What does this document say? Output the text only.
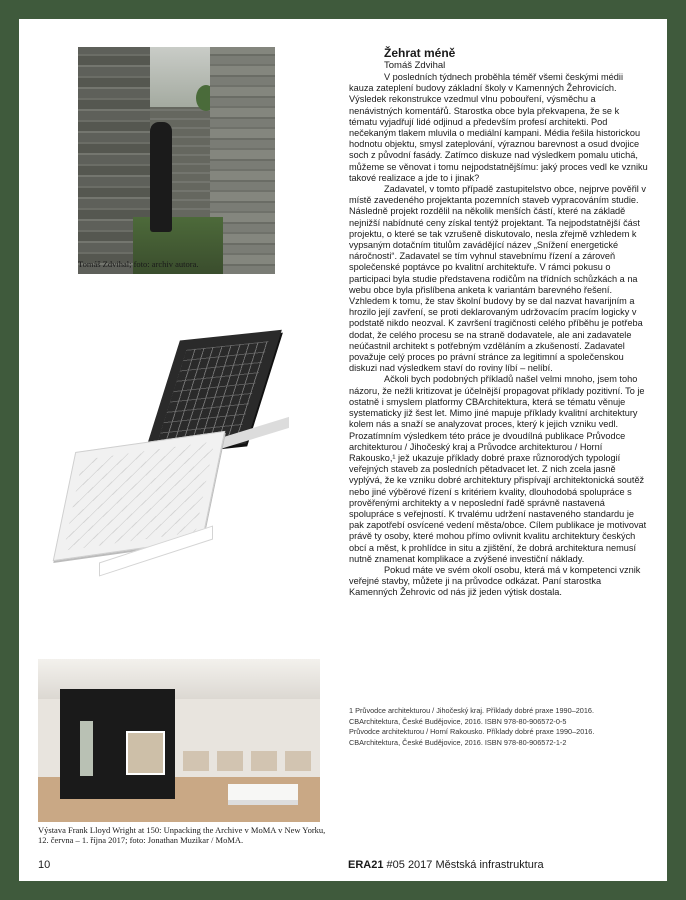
Tomáš Zdvihal; foto: archiv autora.
Výstava Frank Lloyd Wright at 150: Unpacking the Archive v MoMA v New Yorku, 12. června – 1. října 2017; foto: Jonathan Muzikar / MoMA.
Žehrat méně
Tomáš Zdvihal

V posledních týdnech proběhla téměř všemi českými médii kauza zateplení budovy základní školy v Kamenných Žehrovicích. Výsledek rekonstrukce vzedmul vlnu pobouření, výsměchu a nenávistných komentářů. Starostka obce byla překvapena, že se k tématu vyjadřují lidé odjinud a především profesí architekti. Pod nečekaným tlakem mluvila o mediální kampani. Média řešila historickou hodnotu objektu, smysl zateplování, výraznou barevnost a osud dvojice soch z původní fasády. Zatímco diskuze nad výsledkem pomalu utichá, můžeme se věnovat i tomu nejpodstatnějšímu: jaký proces vedl ke vzniku takové realizace a jde to i jinak?

Zadavatel, v tomto případě zastupitelstvo obce, nejprve pověřil v místě zavedeného projektanta pozemních staveb vypracováním studie. Následně projekt rozdělil na několik menších částí, které na základě nejnižší nabídnuté ceny získal tentýž projektant. Ta nejpodstatnější část projektu, o které se tak vzrušeně diskutovalo, nesla zřejmě vzhledem k vypsaným dotačním titulům zavádějící název „Snížení energetické náročnosti“. Zadavatel se tím vyhnul stavebnímu řízení a zároveň společenské poptávce po kvalitní architektuře. V rámci pokusu o participaci byla studie představena rodičům na třídních schůzkách a na webu obce byla přislíbena anketa k variantám barevného řešení. Vzhledem k tomu, že stav školní budovy by se dal nazvat havarijním a hrozilo její zavření, se proti deklarovaným udržovacím pracím logicky v podstatě nikdo neozval. K završení tragičnosti celého příběhu je potřeba dodat, že celého procesu se na straně dodavatele, ale ani zadavatele neúčastnil architekt s potřebným vzděláním a zkušeností. Zadavatel považuje celý proces po právní stránce za legitimní a společenskou diskuzi nad výsledkem staví do roviny líbí – nelíbí.

Ačkoli bych podobných příkladů našel velmi mnoho, jsem toho názoru, že nežli kritizovat je účelnější propagovat příklady pozitivní. To je ostatně i smyslem platformy CBArchitektura, která se tématu věnuje systematicky již šest let. Mimo jiné mapuje příklady kvalitní architektury kolem nás a snaží se analyzovat proces, který k jejich vzniku vedl. Prozatímním výsledkem této práce je dvoudílná publikace Průvodce architekturou / Jihočeský kraj a Průvodce architekturou / Horní Rakousko,¹ jež ukazuje příklady dobré praxe různorodých typologií veřejných staveb za posledních pětadvacet let. Z nich zcela jasně vyplývá, že ke vzniku dobré architektury přispívají architektonická soutěž nebo jiné výběrové řízení s kritériem kvality, dlouhodobá spolupráce s prověřenými architekty a v neposlední řadě správně nastavená spolupráce s veřejností. K trvalému udržení nastaveného standardu je pak zapotřebí osvícené vedení města/obce. Cílem publikace je motivovat právě ty osoby, které mohou přímo ovlivnit kvalitu architektury českých obcí a měst, k prohlídce in situ a zjištění, že dobrá architektura nemusí nutně znamenat komplikace a zvýšené investiční náklady.

Pokud máte ve svém okolí osobu, která má v kompetenci vznik veřejné stavby, můžete ji na průvodce odkázat. Paní starostka Kamenných Žehrovic od nás již jeden výtisk dostala.

1 Průvodce architekturou / Jihočeský kraj. Příklady dobré praxe 1990–2016.
CBArchitektura, České Budějovice, 2016. ISBN 978-80-906572-0-5
Průvodce architekturou / Horní Rakousko. Příklady dobré praxe 1990–2016.
CBArchitektura, České Budějovice, 2016. ISBN 978-80-906572-1-2
10	ERA21 #05 2017 Městská infrastruktura
